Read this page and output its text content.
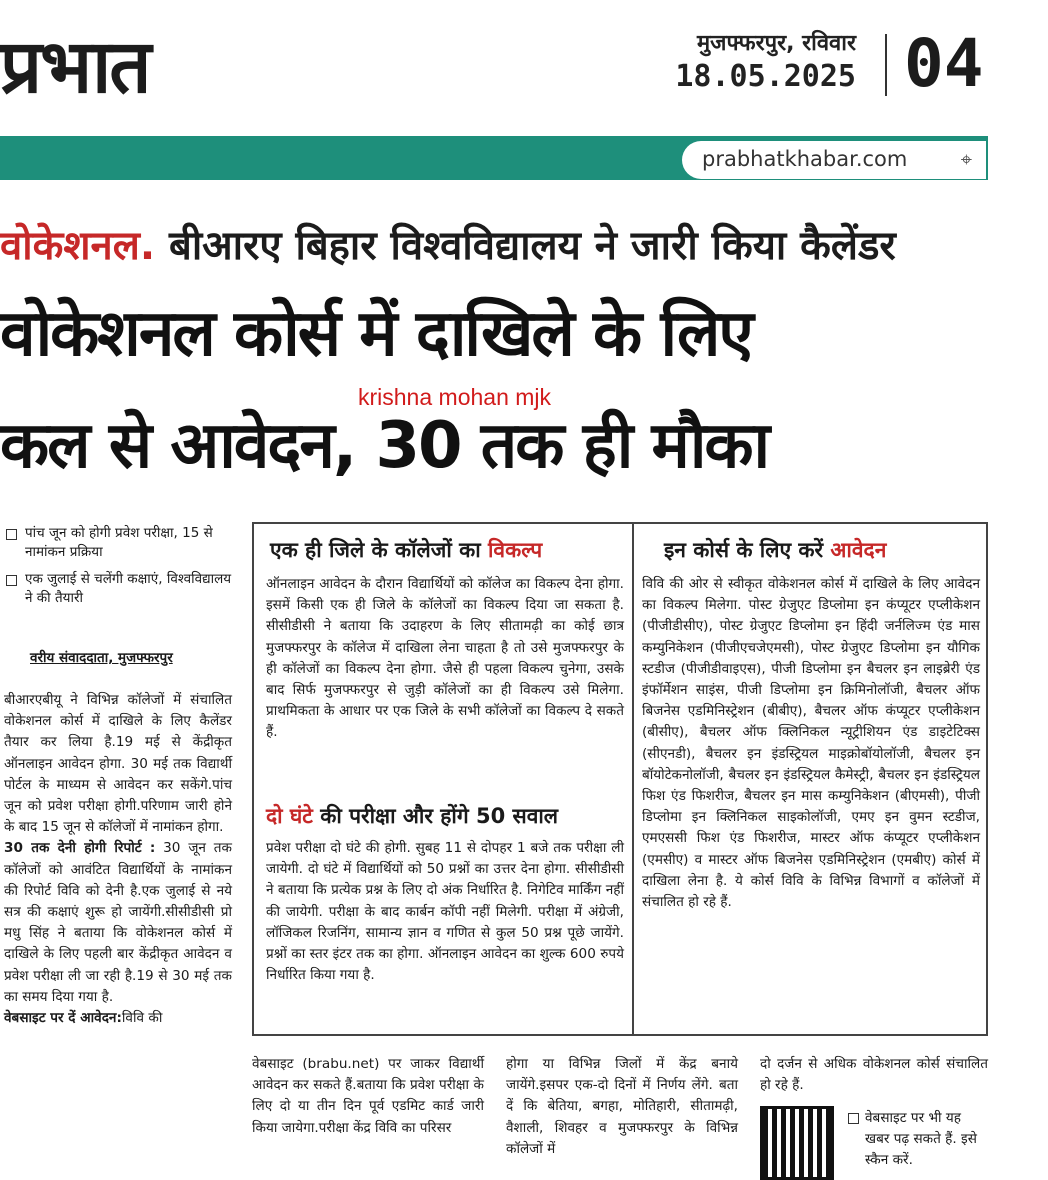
प्रभात	मुजफ्फरपुर, रविवार
18.05.2025 04
prabhatkhabar.com	⌖
वोकेशनल. बीआरए बिहार विश्वविद्यालय ने जारी किया कैलेंडर
वोकेशनल कोर्स में दाखिले के लिए
krishna mohan mjk
कल से आवेदन, 30 तक ही मौका
पांच जून को होगी प्रवेश परीक्षा, 15 से नामांकन प्रक्रिया
एक जुलाई से चलेंगी कक्षाएं, विश्वविद्यालय ने की तैयारी
वरीय संवाददाता, मुजफ्फरपुर
बीआरएबीयू ने विभिन्न कॉलेजों में संचालित वोकेशनल कोर्स में दाखिले के लिए कैलेंडर तैयार कर लिया है.19 मई से केंद्रीकृत ऑनलाइन आवेदन होगा. 30 मई तक विद्यार्थी पोर्टल के माध्यम से आवेदन कर सकेंगे.पांच जून को प्रवेश परीक्षा होगी.परिणाम जारी होने के बाद 15 जून से कॉलेजों में नामांकन होगा.
30 तक देनी होगी रिपोर्ट : 30 जून तक कॉलेजों को आवंटित विद्यार्थियों के नामांकन की रिपोर्ट विवि को देनी है.एक जुलाई से नये सत्र की कक्षाएं शुरू हो जायेंगी.सीसीडीसी प्रो मधु सिंह ने बताया कि वोकेशनल कोर्स में दाखिले के लिए पहली बार केंद्रीकृत आवेदन व प्रवेश परीक्षा ली जा रही है.19 से 30 मई तक का समय दिया गया है.
वेबसाइट पर दें आवेदन:विवि की
एक ही जिले के कॉलेजों का विकल्प
ऑनलाइन आवेदन के दौरान विद्यार्थियों को कॉलेज का विकल्प देना होगा. इसमें किसी एक ही जिले के कॉलेजों का विकल्प दिया जा सकता है. सीसीडीसी ने बताया कि उदाहरण के लिए सीतामढ़ी का कोई छात्र मुजफ्फरपुर के कॉलेज में दाखिला लेना चाहता है तो उसे मुजफ्फरपुर के ही कॉलेजों का विकल्प देना होगा. जैसे ही पहला विकल्प चुनेगा, उसके बाद सिर्फ मुजफ्फरपुर से जुड़ी कॉलेजों का ही विकल्प उसे मिलेगा. प्राथमिकता के आधार पर एक जिले के सभी कॉलेजों का विकल्प दे सकते हैं.
दो घंटे की परीक्षा और होंगे 50 सवाल
प्रवेश परीक्षा दो घंटे की होगी. सुबह 11 से दोपहर 1 बजे तक परीक्षा ली जायेगी. दो घंटे में विद्यार्थियों को 50 प्रश्नों का उत्तर देना होगा. सीसीडीसी ने बताया कि प्रत्येक प्रश्न के लिए दो अंक निर्धारित है. निगेटिव मार्किंग नहीं की जायेगी. परीक्षा के बाद कार्बन कॉपी नहीं मिलेगी. परीक्षा में अंग्रेजी, लॉजिकल रिजनिंग, सामान्य ज्ञान व गणित से कुल 50 प्रश्न पूछे जायेंगे. प्रश्नों का स्तर इंटर तक का होगा. ऑनलाइन आवेदन का शुल्क 600 रुपये निर्धारित किया गया है.
इन कोर्स के लिए करें आवेदन
विवि की ओर से स्वीकृत वोकेशनल कोर्स में दाखिले के लिए आवेदन का विकल्प मिलेगा. पोस्ट ग्रेजुएट डिप्लोमा इन कंप्यूटर एप्लीकेशन (पीजीडीसीए), पोस्ट ग्रेजुएट डिप्लोमा इन हिंदी जर्नलिज्म एंड मास कम्युनिकेशन (पीजीएचजेएमसी), पोस्ट ग्रेजुएट डिप्लोमा इन यौगिक स्टडीज (पीजीडीवाइएस), पीजी डिप्लोमा इन बैचलर इन लाइब्रेरी एंड इंफॉर्मेशन साइंस, पीजी डिप्लोमा इन क्रिमिनोलॉजी, बैचलर ऑफ बिजनेस एडमिनिस्ट्रेशन (बीबीए), बैचलर ऑफ कंप्यूटर एप्लीकेशन (बीसीए), बैचलर ऑफ क्लिनिकल न्यूट्रीशियन एंड डाइटेटिक्स (सीएनडी), बैचलर इन इंडस्ट्रियल माइक्रोबॉयोलॉजी, बैचलर इन बॉयोटेकनोलॉजी, बैचलर इन इंडस्ट्रियल कैमेस्ट्री, बैचलर इन इंडस्ट्रियल फिश एंड फिशरीज, बैचलर इन मास कम्युनिकेशन (बीएमसी), पीजी डिप्लोमा इन क्लिनिकल साइकोलॉजी, एमए इन वुमन स्टडीज, एमएससी फिश एंड फिशरीज, मास्टर ऑफ कंप्यूटर एप्लीकेशन (एमसीए) व मास्टर ऑफ बिजनेस एडमिनिस्ट्रेशन (एमबीए) कोर्स में दाखिला लेना है. ये कोर्स विवि के विभिन्न विभागों व कॉलेजों में संचालित हो रहे हैं.
वेबसाइट (brabu.net) पर जाकर विद्यार्थी आवेदन कर सकते हैं.बताया कि प्रवेश परीक्षा के लिए दो या तीन दिन पूर्व एडमिट कार्ड जारी किया जायेगा.परीक्षा केंद्र विवि का परिसर
होगा या विभिन्न जिलों में केंद्र बनाये जायेंगे.इसपर एक-दो दिनों में निर्णय लेंगे. बता दें कि बेतिया, बगहा, मोतिहारी, सीतामढ़ी, वैशाली, शिवहर व मुजफ्फरपुर के विभिन्न कॉलेजों में
दो दर्जन से अधिक वोकेशनल कोर्स संचालित हो रहे हैं.
वेबसाइट पर भी यह खबर पढ़ सकते हैं. इसे स्कैन करें.
